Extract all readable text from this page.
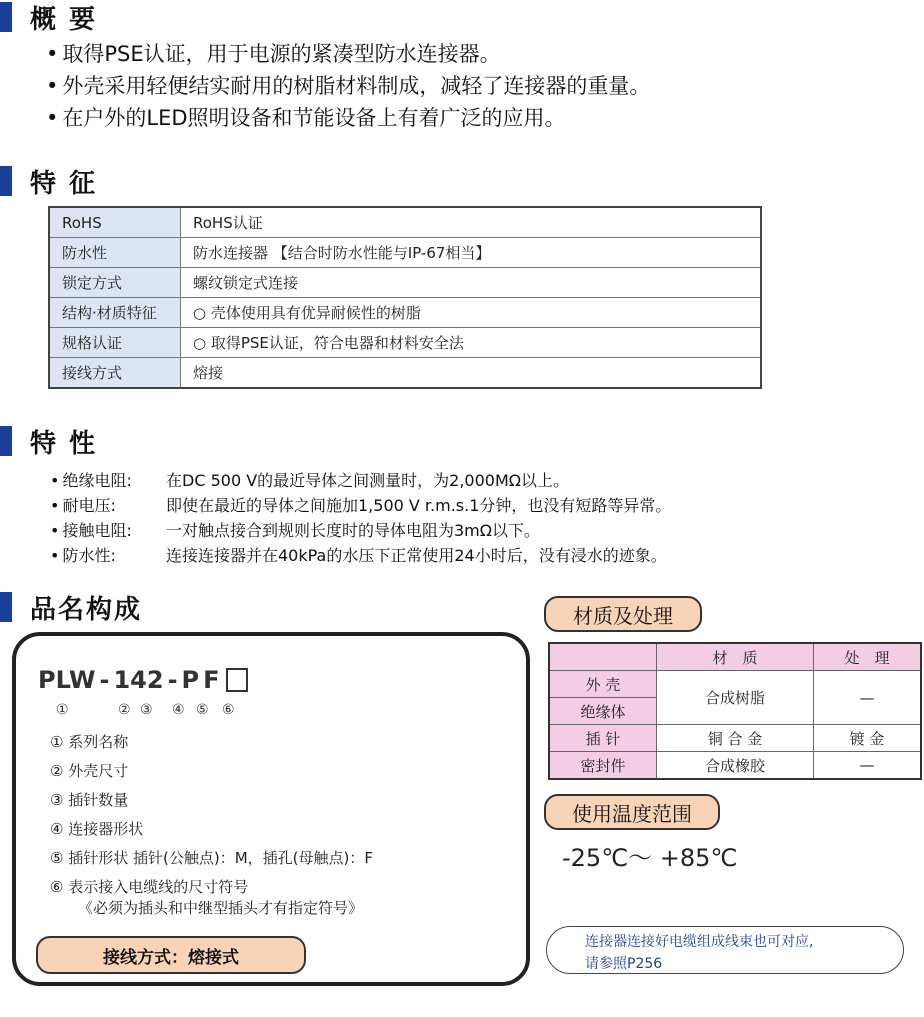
概 要
• 取得PSE认证，用于电源的紧凑型防水连接器。
• 外壳采用轻便结实耐用的树脂材料制成，减轻了连接器的重量。
• 在户外的LED照明设备和节能设备上有着广泛的应用。
特 征
RoHS	RoHS认证
防水性	防水连接器 【结合时防水性能与IP-67相当】
锁定方式	螺纹锁定式连接
结构·材质特征	○ 壳体使用具有优异耐候性的树脂
规格认证	○ 取得PSE认证，符合电器和材料安全法
接线方式	熔接
特 性
• 绝缘电阻:	在DC 500 V的最近导体之间测量时，为2,000MΩ以上。
• 耐电压:	即使在最近的导体之间施加1,500 V r.m.s.1分钟，也没有短路等异常。
• 接触电阻:	一对触点接合到规则长度时的导体电阻为3mΩ以下。
• 防水性:	连接连接器并在40kPa的水压下正常使用24小时后，没有浸水的迹象。
品名构成
PLW - 142 - P F
①	② ③ ④ ⑤ ⑥
① 系列名称
② 外壳尺寸
③ 插针数量
④ 连接器形状
⑤ 插针形状 插针(公触点)：M，插孔(母触点)：F
⑥ 表示接入电缆线的尺寸符号
《必须为插头和中继型插头才有指定符号》
接线方式：熔接式
材质及处理
	材　质	处　理
外 壳	合成树脂	—
绝缘体		
插 针	铜 合 金	镀 金
密封件	合成橡胶	—
使用温度范围
-25℃～ +85℃
连接器连接好电缆组成线束也可对应,
请参照P256
